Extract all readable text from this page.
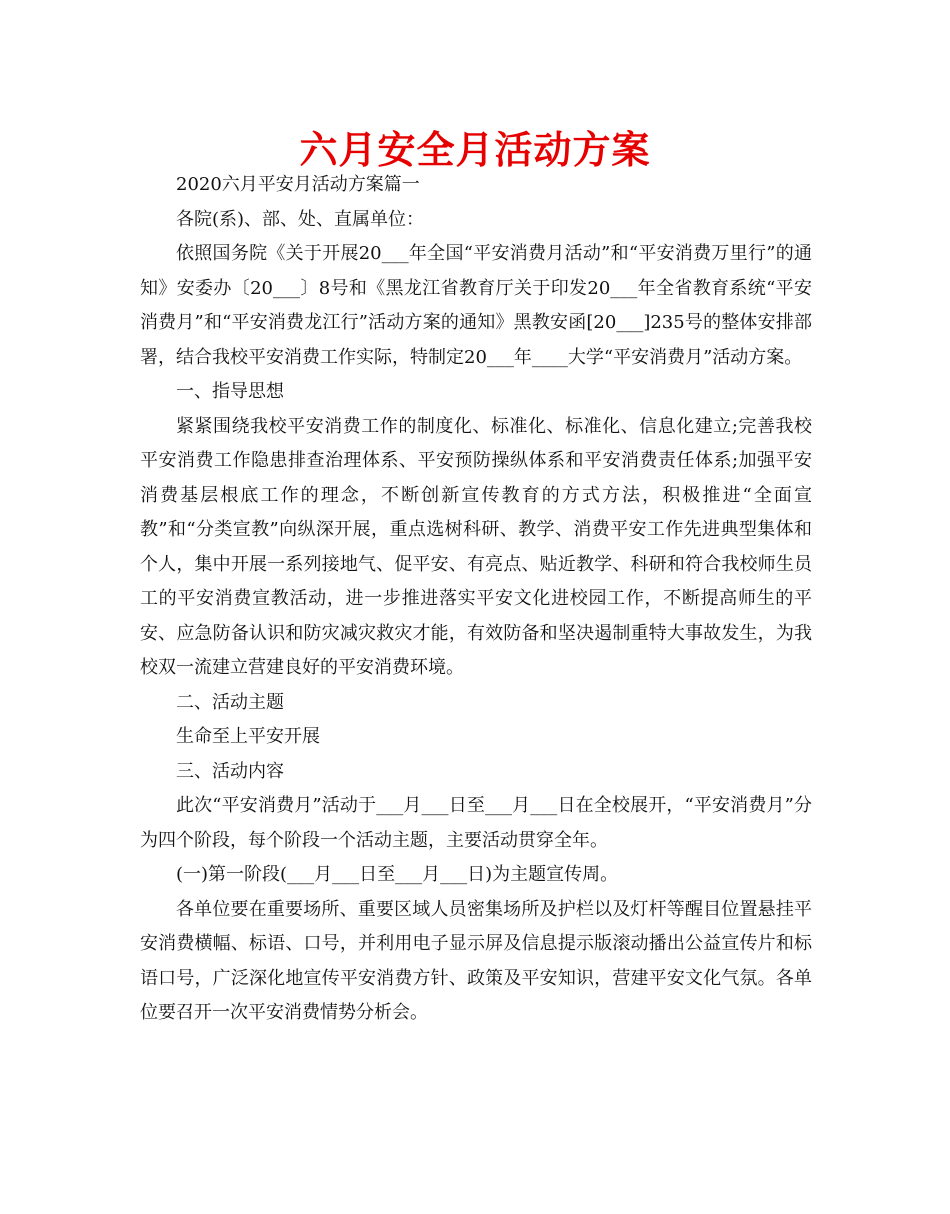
六月安全月活动方案

2020六月平安月活动方案篇一

各院(系)、部、处、直属单位：

依照国务院《关于开展20___年全国“平安消费月活动”和“平安消费万里行”的通知》安委办〔20___〕8号和《黑龙江省教育厅关于印发20___年全省教育系统“平安消费月”和“平安消费龙江行”活动方案的通知》黑教安函[20___]235号的整体安排部署，结合我校平安消费工作实际，特制定20___年____大学“平安消费月”活动方案。

一、指导思想

紧紧围绕我校平安消费工作的制度化、标准化、标准化、信息化建立;完善我校平安消费工作隐患排查治理体系、平安预防操纵体系和平安消费责任体系;加强平安消费基层根底工作的理念，不断创新宣传教育的方式方法，积极推进“全面宣教”和“分类宣教”向纵深开展，重点选树科研、教学、消费平安工作先进典型集体和个人，集中开展一系列接地气、促平安、有亮点、贴近教学、科研和符合我校师生员工的平安消费宣教活动，进一步推进落实平安文化进校园工作，不断提高师生的平安、应急防备认识和防灾减灾救灾才能，有效防备和坚决遏制重特大事故发生，为我校双一流建立营建良好的平安消费环境。

二、活动主题

生命至上平安开展

三、活动内容

此次“平安消费月”活动于___月___日至___月___日在全校展开，“平安消费月”分为四个阶段，每个阶段一个活动主题，主要活动贯穿全年。

(一)第一阶段(___月___日至___月___日)为主题宣传周。

各单位要在重要场所、重要区域人员密集场所及护栏以及灯杆等醒目位置悬挂平安消费横幅、标语、口号，并利用电子显示屏及信息提示版滚动播出公益宣传片和标语口号，广泛深化地宣传平安消费方针、政策及平安知识，营建平安文化气氛。各单位要召开一次平安消费情势分析会。
